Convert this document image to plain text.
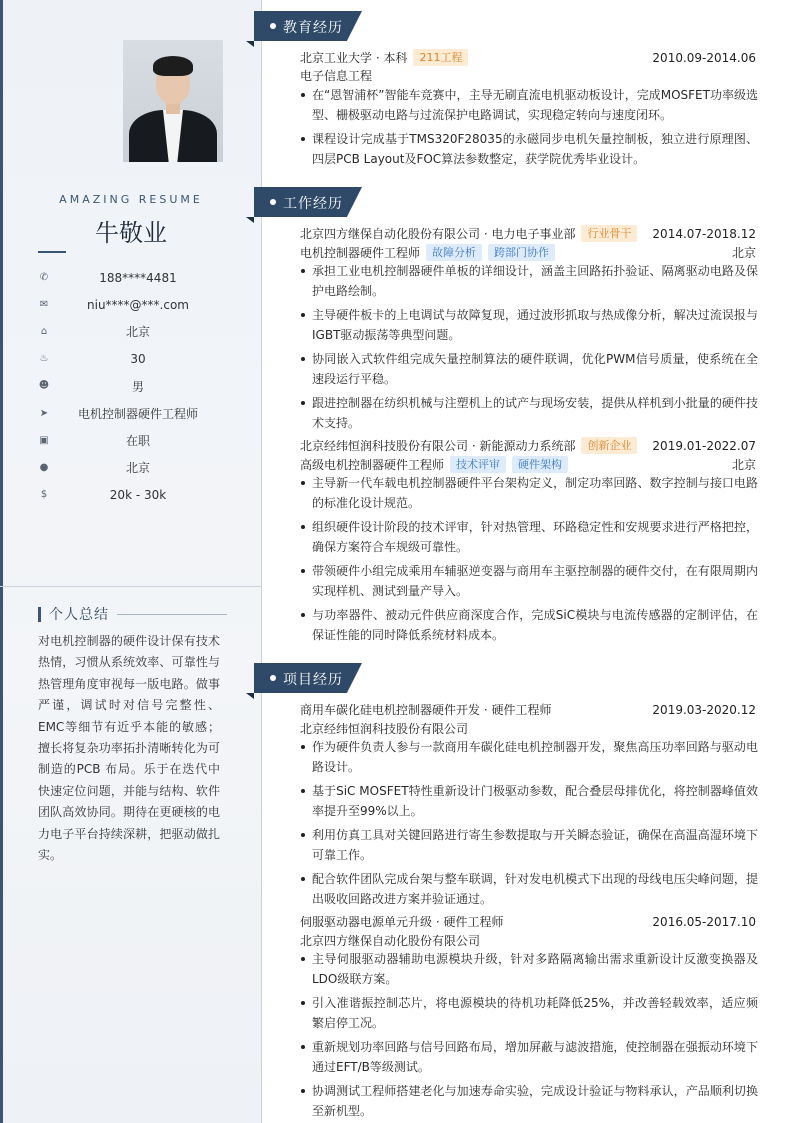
AMAZING RESUME
牛敬业
✆	188****4481
✉	niu****@***.com
⌂	北京
♨	30
☻	男
➤	电机控制器硬件工程师
▣	在职
●	北京
$	20k - 30k
个人总结
对电机控制器的硬件设计保有技术热情，习惯从系统效率、可靠性与热管理角度审视每一版电路。做事严谨，调试时对信号完整性、EMC等细节有近乎本能的敏感；擅长将复杂功率拓扑清晰转化为可制造的PCB 布局。乐于在迭代中快速定位问题，并能与结构、软件团队高效协同。期待在更硬核的电力电子平台持续深耕，把驱动做扎实。
教育经历
北京工业大学 · 本科	211工程	2010.09-2014.06
电子信息工程
在“恩智浦杯”智能车竞赛中，主导无刷直流电机驱动板设计，完成MOSFET功率级选型、栅极驱动电路与过流保护电路调试，实现稳定转向与速度闭环。
课程设计完成基于TMS320F28035的永磁同步电机矢量控制板，独立进行原理图、四层PCB Layout及FOC算法参数整定，获学院优秀毕业设计。
工作经历
北京四方继保自动化股份有限公司 · 电力电子事业部	行业骨干	2014.07-2018.12
电机控制器硬件工程师	故障分析	跨部门协作	北京
承担工业电机控制器硬件单板的详细设计，涵盖主回路拓扑验证、隔离驱动电路及保护电路绘制。
主导硬件板卡的上电调试与故障复现，通过波形抓取与热成像分析，解决过流误报与IGBT驱动振荡等典型问题。
协同嵌入式软件组完成矢量控制算法的硬件联调，优化PWM信号质量，使系统在全速段运行平稳。
跟进控制器在纺织机械与注塑机上的试产与现场安装，提供从样机到小批量的硬件技术支持。
北京经纬恒润科技股份有限公司 · 新能源动力系统部	创新企业	2019.01-2022.07
高级电机控制器硬件工程师	技术评审	硬件架构	北京
主导新一代车载电机控制器硬件平台架构定义，制定功率回路、数字控制与接口电路的标准化设计规范。
组织硬件设计阶段的技术评审，针对热管理、环路稳定性和安规要求进行严格把控，确保方案符合车规级可靠性。
带领硬件小组完成乘用车辅驱逆变器与商用车主驱控制器的硬件交付，在有限周期内实现样机、测试到量产导入。
与功率器件、被动元件供应商深度合作，完成SiC模块与电流传感器的定制评估，在保证性能的同时降低系统材料成本。
项目经历
商用车碳化硅电机控制器硬件开发 · 硬件工程师	2019.03-2020.12
北京经纬恒润科技股份有限公司
作为硬件负责人参与一款商用车碳化硅电机控制器开发，聚焦高压功率回路与驱动电路设计。
基于SiC MOSFET特性重新设计门极驱动参数，配合叠层母排优化，将控制器峰值效率提升至99%以上。
利用仿真工具对关键回路进行寄生参数提取与开关瞬态验证，确保在高温高湿环境下可靠工作。
配合软件团队完成台架与整车联调，针对发电机模式下出现的母线电压尖峰问题，提出吸收回路改进方案并验证通过。
伺服驱动器电源单元升级 · 硬件工程师	2016.05-2017.10
北京四方继保自动化股份有限公司
主导伺服驱动器辅助电源模块升级，针对多路隔离输出需求重新设计反激变换器及LDO级联方案。
引入准谐振控制芯片，将电源模块的待机功耗降低25%，并改善轻载效率，适应频繁启停工况。
重新规划功率回路与信号回路布局，增加屏蔽与滤波措施，使控制器在强振动环境下通过EFT/B等级测试。
协调测试工程师搭建老化与加速寿命实验，完成设计验证与物料承认，产品顺利切换至新机型。
